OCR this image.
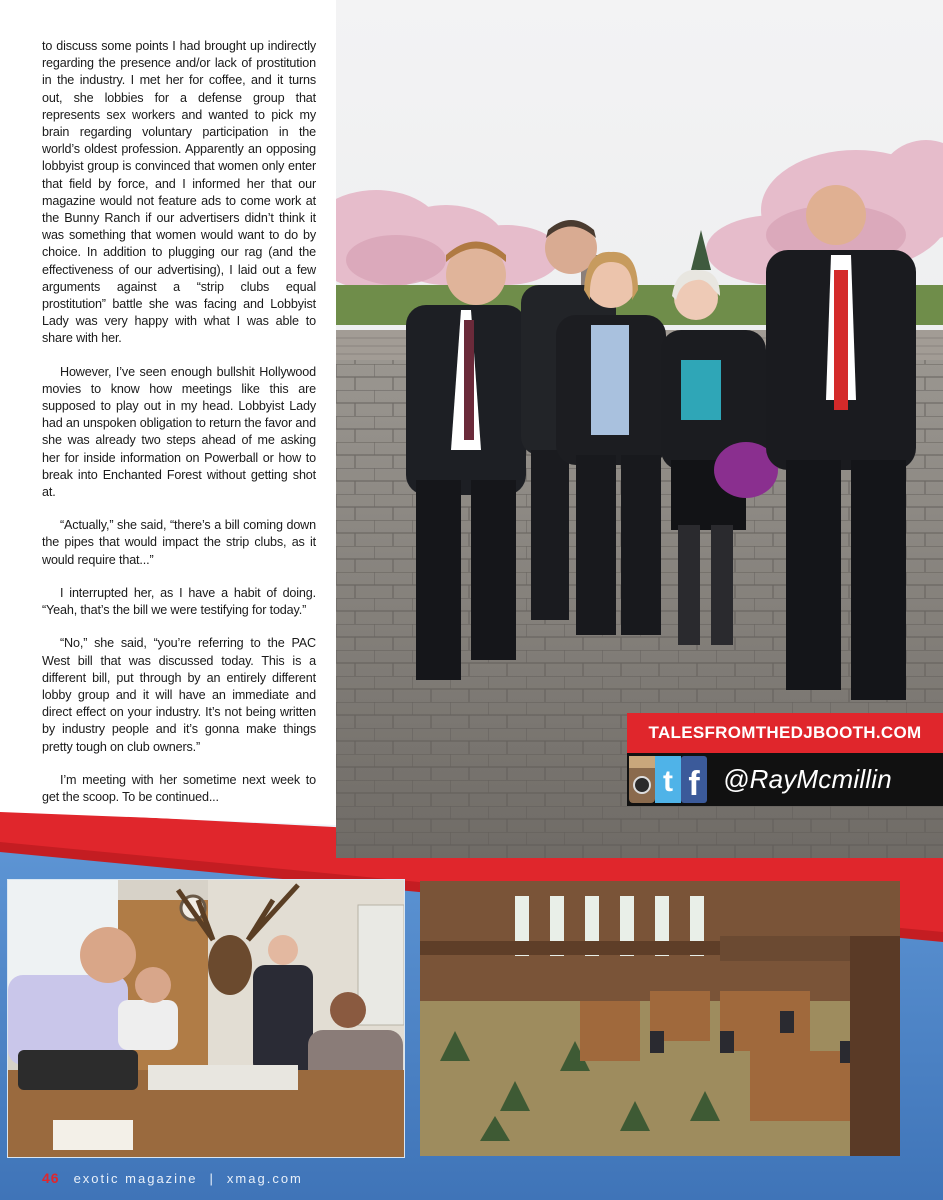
to discuss some points I had brought up indirectly regarding the presence and/or lack of prostitution in the industry. I met her for coffee, and it turns out, she lobbies for a defense group that represents sex workers and wanted to pick my brain regarding voluntary participation in the world’s oldest profession. Apparently an opposing lobbyist group is convinced that women only enter that field by force, and I informed her that our magazine would not feature ads to come work at the Bunny Ranch if our advertisers didn’t think it was something that women would want to do by choice. In addition to plugging our rag (and the effectiveness of our advertising), I laid out a few arguments against a “strip clubs equal prostitution” battle she was facing and Lobbyist Lady was very happy with what I was able to share with her.

However, I’ve seen enough bullshit Hollywood movies to know how meetings like this are supposed to play out in my head. Lobbyist Lady had an unspoken obligation to return the favor and she was already two steps ahead of me asking her for inside information on Powerball or how to break into Enchanted Forest without getting shot at.

“Actually,” she said, “there’s a bill coming down the pipes that would impact the strip clubs, as it would require that...”

I interrupted her, as I have a habit of doing. “Yeah, that’s the bill we were testifying for today.”

“No,” she said, “you’re referring to the PAC West bill that was discussed today. This is a different bill, put through by an entirely different lobby group and it will have an immediate and direct effect on your industry. It’s not being written by industry people and it’s gonna make things pretty tough on club owners.”

I’m meeting with her sometime next week to get the scoop. To be continued...

TALESFROMTHEDJBOOTH.COM
t f @RayMcmillin
46 exotic magazine | xmag.com
